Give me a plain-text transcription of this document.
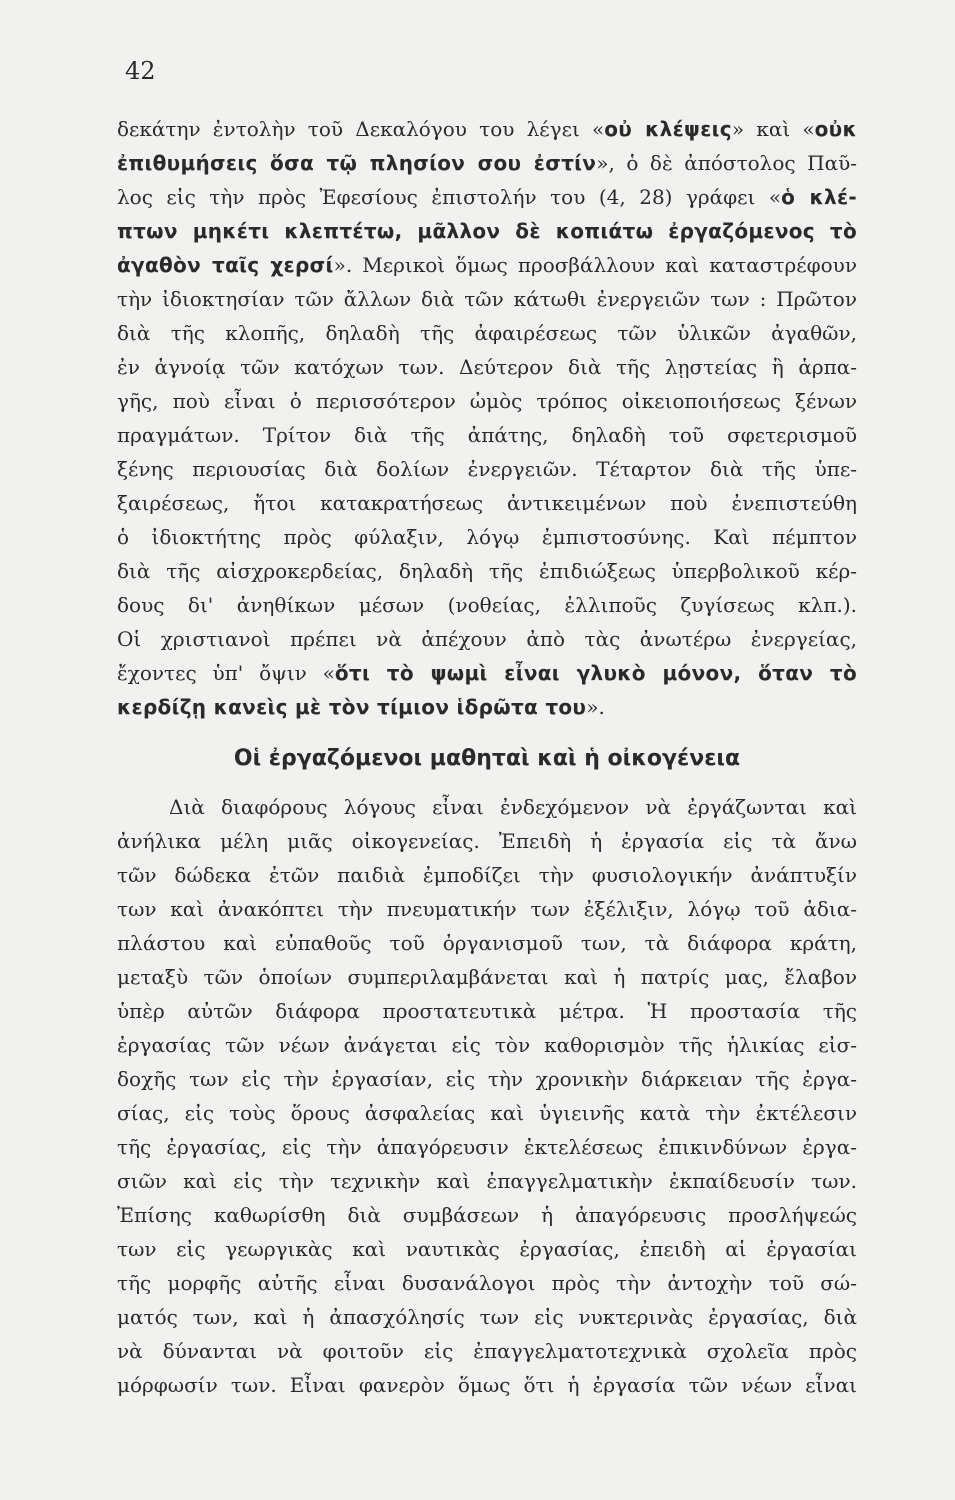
42
δεκάτην ἐντολὴν τοῦ Δεκαλόγου του λέγει «οὐ κλέψεις» καὶ «οὐκ
ἐπιθυμήσεις ὅσα τῷ πλησίον σου ἐστίν», ὁ δὲ ἀπόστολος Παῦ-
λος εἰς τὴν πρὸς Ἐφεσίους ἐπιστολήν του (4, 28) γράφει «ὁ κλέ-
πτων μηκέτι κλεπτέτω, μᾶλλον δὲ κοπιάτω ἐργαζόμενος τὸ
ἀγαθὸν ταῖς χερσί». Μερικοὶ ὅμως προσβάλλουν καὶ καταστρέφουν
τὴν ἰδιοκτησίαν τῶν ἄλλων διὰ τῶν κάτωθι ἐνεργειῶν των : Πρῶτον
διὰ τῆς κλοπῆς, δηλαδὴ τῆς ἀφαιρέσεως τῶν ὑλικῶν ἀγαθῶν,
ἐν ἀγνοίᾳ τῶν κατόχων των. Δεύτερον διὰ τῆς λῃστείας ἢ ἁρπα-
γῆς, ποὺ εἶναι ὁ περισσότερον ὠμὸς τρόπος οἰκειοποιήσεως ξένων
πραγμάτων. Τρίτον διὰ τῆς ἀπάτης, δηλαδὴ τοῦ σφετερισμοῦ
ξένης περιουσίας διὰ δολίων ἐνεργειῶν. Τέταρτον διὰ τῆς ὑπε-
ξαιρέσεως, ἤτοι κατακρατήσεως ἀντικειμένων ποὺ ἐνεπιστεύθη
ὁ ἰδιοκτήτης πρὸς φύλαξιν, λόγῳ ἐμπιστοσύνης. Καὶ πέμπτον
διὰ τῆς αἰσχροκερδείας, δηλαδὴ τῆς ἐπιδιώξεως ὑπερβολικοῦ κέρ-
δους δι' ἀνηθίκων μέσων (νοθείας, ἐλλιποῦς ζυγίσεως κλπ.).
Οἱ χριστιανοὶ πρέπει νὰ ἀπέχουν ἀπὸ τὰς ἀνωτέρω ἐνεργείας,
ἔχοντες ὑπ' ὄψιν «ὅτι τὸ ψωμὶ εἶναι γλυκὸ μόνον, ὅταν τὸ
κερδίζῃ κανεὶς μὲ τὸν τίμιον ἱδρῶτα του».
Οἱ ἐργαζόμενοι μαθηταὶ καὶ ἡ οἰκογένεια
Διὰ διαφόρους λόγους εἶναι ἐνδεχόμενον νὰ ἐργάζωνται καὶ
ἀνήλικα μέλη μιᾶς οἰκογενείας. Ἐπειδὴ ἡ ἐργασία εἰς τὰ ἄνω
τῶν δώδεκα ἐτῶν παιδιὰ ἐμποδίζει τὴν φυσιολογικήν ἀνάπτυξίν
των καὶ ἀνακόπτει τὴν πνευματικήν των ἐξέλιξιν, λόγῳ τοῦ ἀδια-
πλάστου καὶ εὐπαθοῦς τοῦ ὀργανισμοῦ των, τὰ διάφορα κράτη,
μεταξὺ τῶν ὁποίων συμπεριλαμβάνεται καὶ ἡ πατρίς μας, ἔλαβον
ὑπὲρ αὐτῶν διάφορα προστατευτικὰ μέτρα. Ἡ προστασία τῆς
ἐργασίας τῶν νέων ἀνάγεται εἰς τὸν καθορισμὸν τῆς ἡλικίας εἰσ-
δοχῆς των εἰς τὴν ἐργασίαν, εἰς τὴν χρονικὴν διάρκειαν τῆς ἐργα-
σίας, εἰς τοὺς ὅρους ἀσφαλείας καὶ ὑγιεινῆς κατὰ τὴν ἐκτέλεσιν
τῆς ἐργασίας, εἰς τὴν ἀπαγόρευσιν ἐκτελέσεως ἐπικινδύνων ἐργα-
σιῶν καὶ εἰς τὴν τεχνικὴν καὶ ἐπαγγελματικὴν ἐκπαίδευσίν των.
Ἐπίσης καθωρίσθη διὰ συμβάσεων ἡ ἀπαγόρευσις προσλήψεώς
των εἰς γεωργικὰς καὶ ναυτικὰς ἐργασίας, ἐπειδὴ αἱ ἐργασίαι
τῆς μορφῆς αὐτῆς εἶναι δυσανάλογοι πρὸς τὴν ἀντοχὴν τοῦ σώ-
ματός των, καὶ ἡ ἀπασχόλησίς των εἰς νυκτερινὰς ἐργασίας, διὰ
νὰ δύνανται νὰ φοιτοῦν εἰς ἐπαγγελματοτεχνικὰ σχολεῖα πρὸς
μόρφωσίν των. Εἶναι φανερὸν ὅμως ὅτι ἡ ἐργασία τῶν νέων εἶναι
